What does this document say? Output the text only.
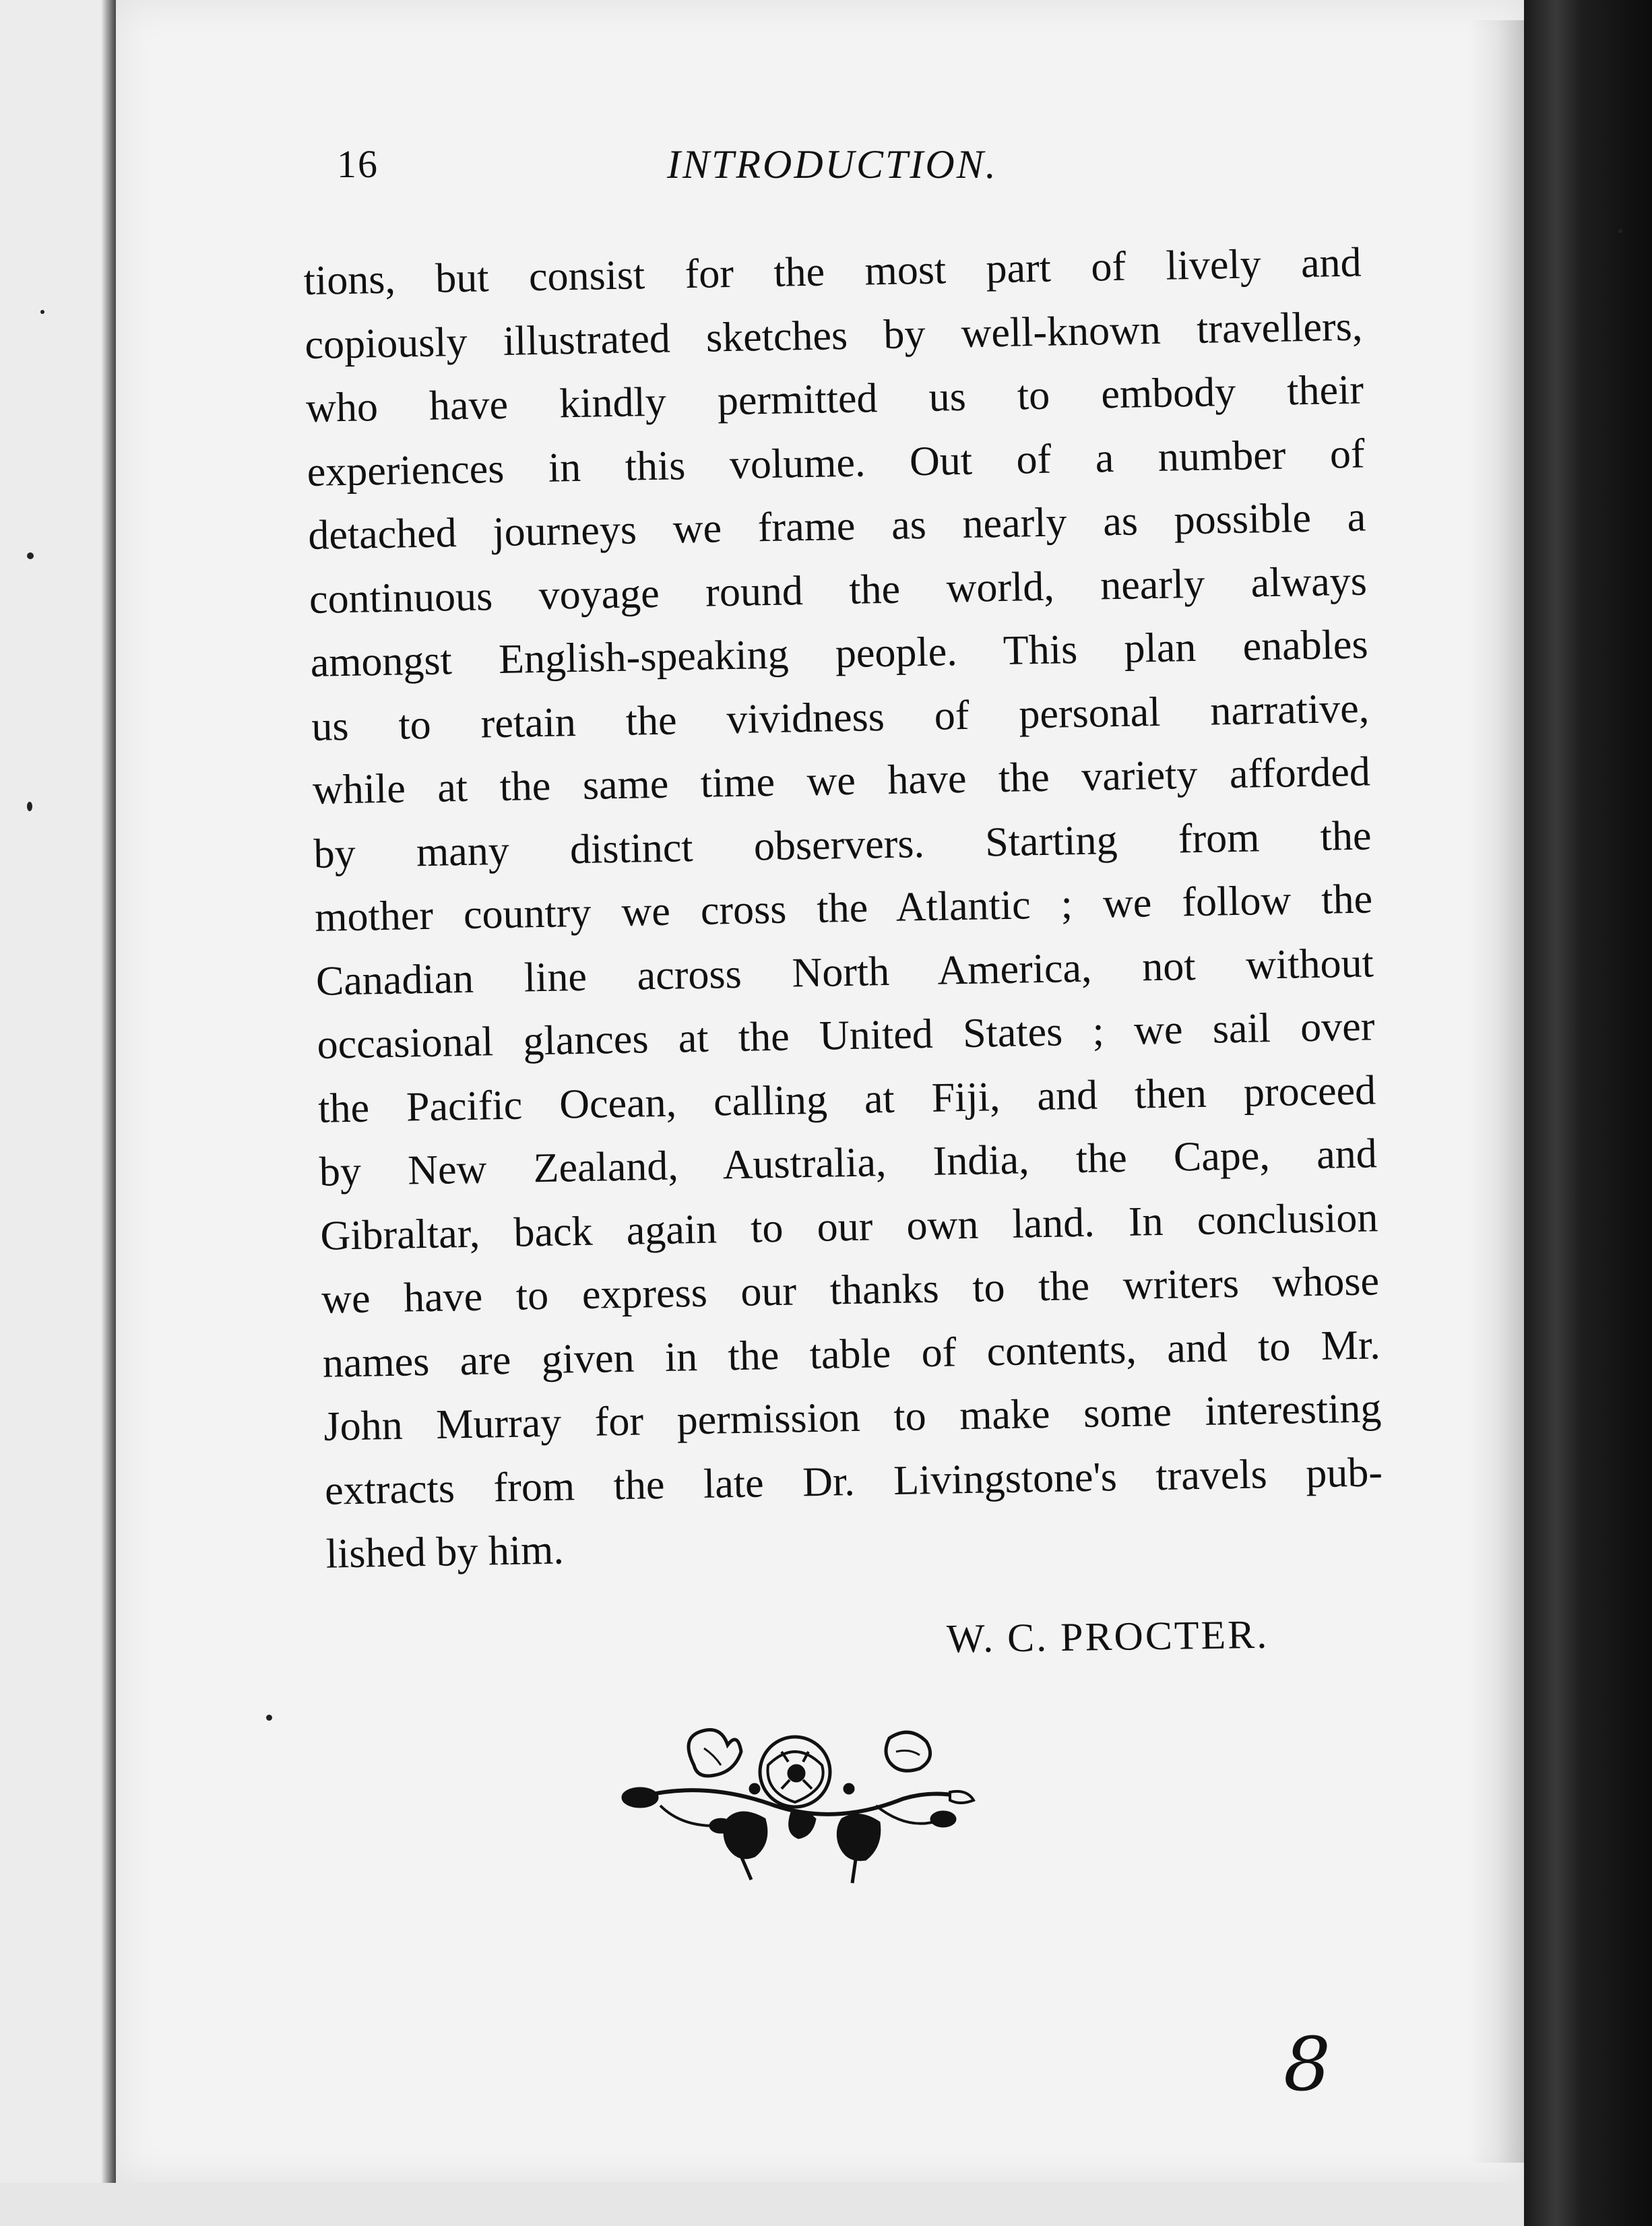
16	INTRODUCTION.
tions, but consist for the most part of lively and
copiously illustrated sketches by well-known travellers,
who have kindly permitted us to embody their
experiences in this volume. Out of a number of
detached journeys we frame as nearly as possible a
continuous voyage round the world, nearly always
amongst English-speaking people. This plan enables
us to retain the vividness of personal narrative,
while at the same time we have the variety afforded
by many distinct observers. Starting from the
mother country we cross the Atlantic ; we follow the
Canadian line across North America, not without
occasional glances at the United States ; we sail over
the Pacific Ocean, calling at Fiji, and then proceed
by New Zealand, Australia, India, the Cape, and
Gibraltar, back again to our own land. In conclusion
we have to express our thanks to the writers whose
names are given in the table of contents, and to Mr.
John Murray for permission to make some interesting
extracts from the late Dr. Livingstone's travels pub-
lished by him.
W. C. PROCTER.
8
